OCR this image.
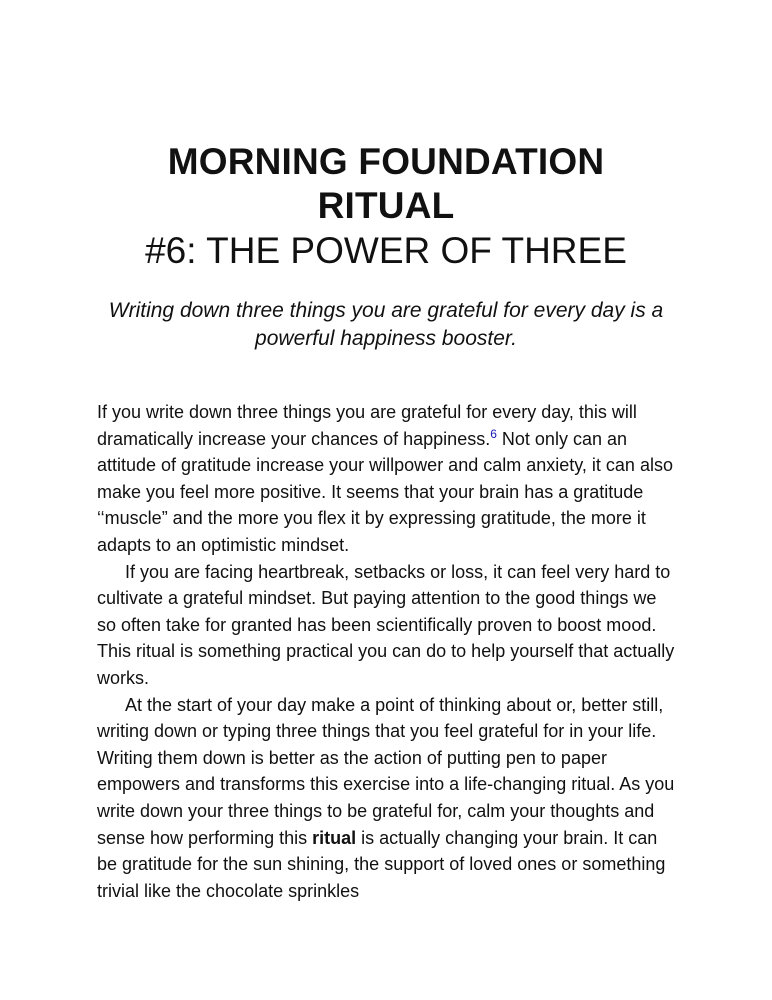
MORNING FOUNDATION
RITUAL
#6: THE POWER OF THREE
Writing down three things you are grateful for every day is a powerful happiness booster.

If you write down three things you are grateful for every day, this will dramatically increase your chances of happiness.$^6$ Not only can an attitude of gratitude increase your willpower and calm anxiety, it can also make you feel more positive. It seems that your brain has a gratitude ‘‘muscle” and the more you flex it by expressing gratitude, the more it adapts to an optimistic mindset.

If you are facing heartbreak, setbacks or loss, it can feel very hard to cultivate a grateful mindset. But paying attention to the good things we so often take for granted has been scientifically proven to boost mood. This ritual is something practical you can do to help yourself that actually works.

At the start of your day make a point of thinking about or, better still, writing down or typing three things that you feel grateful for in your life. Writing them down is better as the action of putting pen to paper empowers and transforms this exercise into a life-changing ritual. As you write down your three things to be grateful for, calm your thoughts and sense how performing this ritual is actually changing your brain. It can be gratitude for the sun shining, the support of loved ones or something trivial like the chocolate sprinkles
